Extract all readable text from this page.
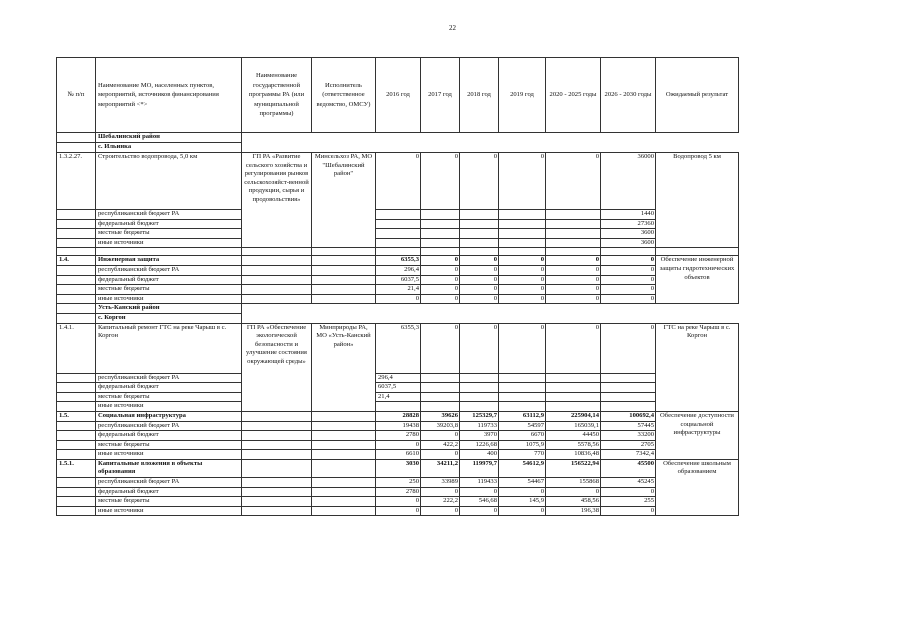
22
№ п/п	Наименование МО, населенных пунктов, мероприятий, источников финансирования мероприятий <*>	Наименование государственной программы РА (или муниципальной программы)	Исполнитель (ответственное ведомство, ОМСУ)	2016 год	2017 год	2018 год	2019 год	2020 - 2025 годы	2026 - 2030 годы	Ожидаемый результат
	Шебалинский район									
	с. Ильинка									
1.3.2.27.	Строительство водопровода, 5,0 км	ГП РА «Развитие сельского хозяйства и регулирования рынков сельскохозяйст-венной продукции, сырья и продовольствия»	Минсельхоз РА, МО "Шебалинский район"	0	0	0	0	0	36000	Водопровод 5 км
	республиканский бюджет РА								1440	
	федеральный бюджет								27360	
	местные бюджеты								3600	
	иные источники								3600	

1.4.	Инженерная защита			6355,3	0	0	0	0	0	Обеспечение инженерной защиты гидротехнических объектов
	республиканский бюджет РА			296,4	0	0	0	0	0	
	федеральный бюджет			6037,5	0	0	0	0	0	
	местные бюджеты			21,4	0	0	0	0	0	
	иные источники			0	0	0	0	0	0	
	Усть-Канский район									
	с. Коргон									
1.4.1.	Капитальный ремонт ГТС на реке Чарыш в с. Коргон	ГП РА «Обеспечение экологической безопасности и улучшение состояния окружающей среды»	Минприроды РА, МО «Усть-Канский район»	6355,3	0	0	0	0	0	ГТС на реке Чарыш в с. Коргон
	республиканский бюджет РА			296,4						
	федеральный бюджет			6037,5						
	местные бюджеты			21,4						
	иные источники									
1.5.	Социальная инфраструктура			28828	39626	125329,7	63112,9	225904,14	100692,4	Обеспечение доступности социальной инфраструктуры
	республиканский бюджет РА			19438	39203,8	119733	54597	165039,1	57445	
	федеральный бюджет			2780	0	3970	6670	44450	33200	
	местные бюджеты			0	422,2	1226,68	1075,9	5578,56	2705	
	иные источники			6610	0	400	770	10836,48	7342,4	
1.5.1.	Капитальные вложения в объекты образования			3030	34211,2	119979,7	54612,9	156522,94	45500	Обеспечение школьным образованием
	республиканский бюджет РА			250	33989	119433	54467	155868	45245	
	федеральный бюджет			2780	0	0	0	0	0	
	местные бюджеты			0	222,2	546,68	145,9	458,56	255	
	иные источники			0	0	0	0	196,38	0	
